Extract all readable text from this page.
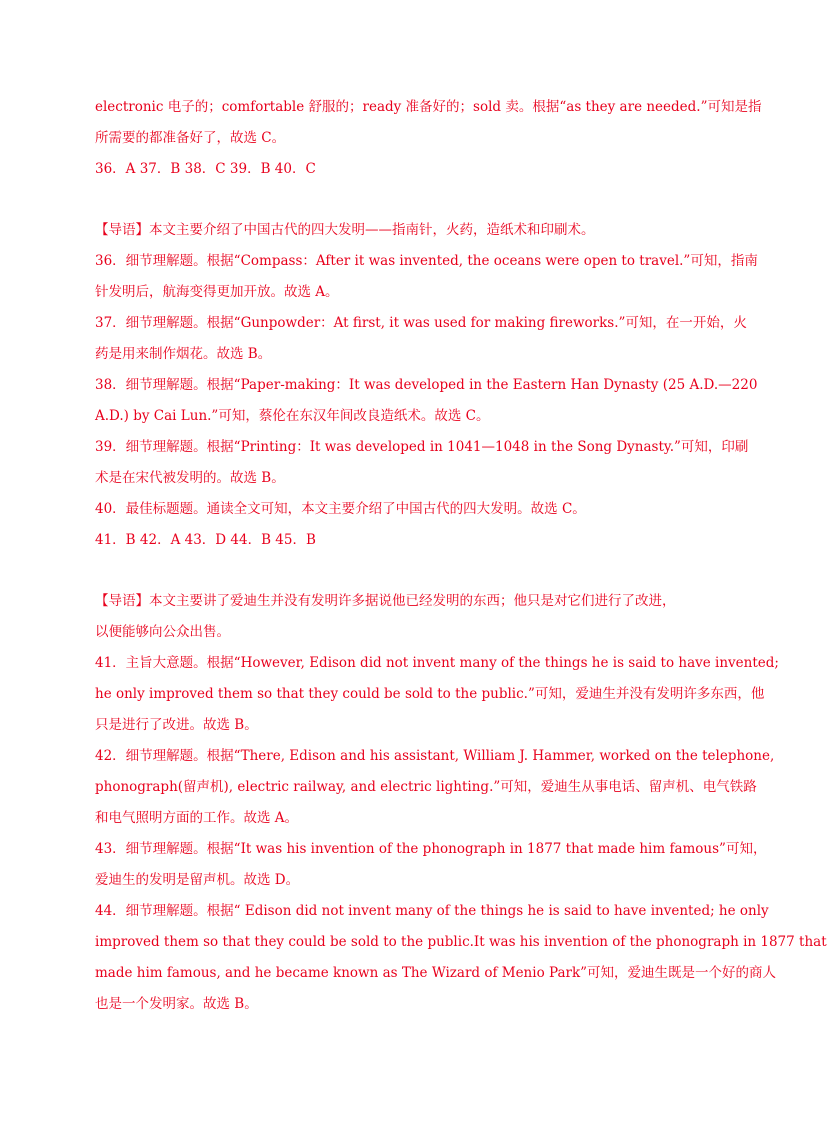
electronic 电子的；comfortable 舒服的；ready 准备好的；sold 卖。根据“as they are needed.”可知是指
所需要的都准备好了，故选 C。
36．A 37．B 38．C 39．B 40．C
【导语】本文主要介绍了中国古代的四大发明——指南针，火药，造纸术和印刷术。
36．细节理解题。根据“Compass：After it was invented, the oceans were open to travel.”可知，指南
针发明后，航海变得更加开放。故选 A。
37．细节理解题。根据“Gunpowder：At first, it was used for making fireworks.”可知，在一开始，火
药是用来制作烟花。故选 B。
38．细节理解题。根据“Paper-making：It was developed in the Eastern Han Dynasty (25 A.D.—220
A.D.) by Cai Lun.”可知，蔡伦在东汉年间改良造纸术。故选 C。
39．细节理解题。根据“Printing：It was developed in 1041—1048 in the Song Dynasty.”可知，印刷
术是在宋代被发明的。故选 B。
40．最佳标题题。通读全文可知，本文主要介绍了中国古代的四大发明。故选 C。
41．B 42．A 43．D 44．B 45．B
【导语】本文主要讲了爱迪生并没有发明许多据说他已经发明的东西；他只是对它们进行了改进，
以便能够向公众出售。
41．主旨大意题。根据“However, Edison did not invent many of the things he is said to have invented;
he only improved them so that they could be sold to the public.”可知，爱迪生并没有发明许多东西，他
只是进行了改进。故选 B。
42．细节理解题。根据“There, Edison and his assistant, William J. Hammer, worked on the telephone,
phonograph(留声机), electric railway, and electric lighting.”可知，爱迪生从事电话、留声机、电气铁路
和电气照明方面的工作。故选 A。
43．细节理解题。根据“It was his invention of the phonograph in 1877 that made him famous”可知，
爱迪生的发明是留声机。故选 D。
44．细节理解题。根据“ Edison did not invent many of the things he is said to have invented; he only
improved them so that they could be sold to the public.It was his invention of the phonograph in 1877 that
made him famous, and he became known as The Wizard of Menio Park”可知，爱迪生既是一个好的商人
也是一个发明家。故选 B。
